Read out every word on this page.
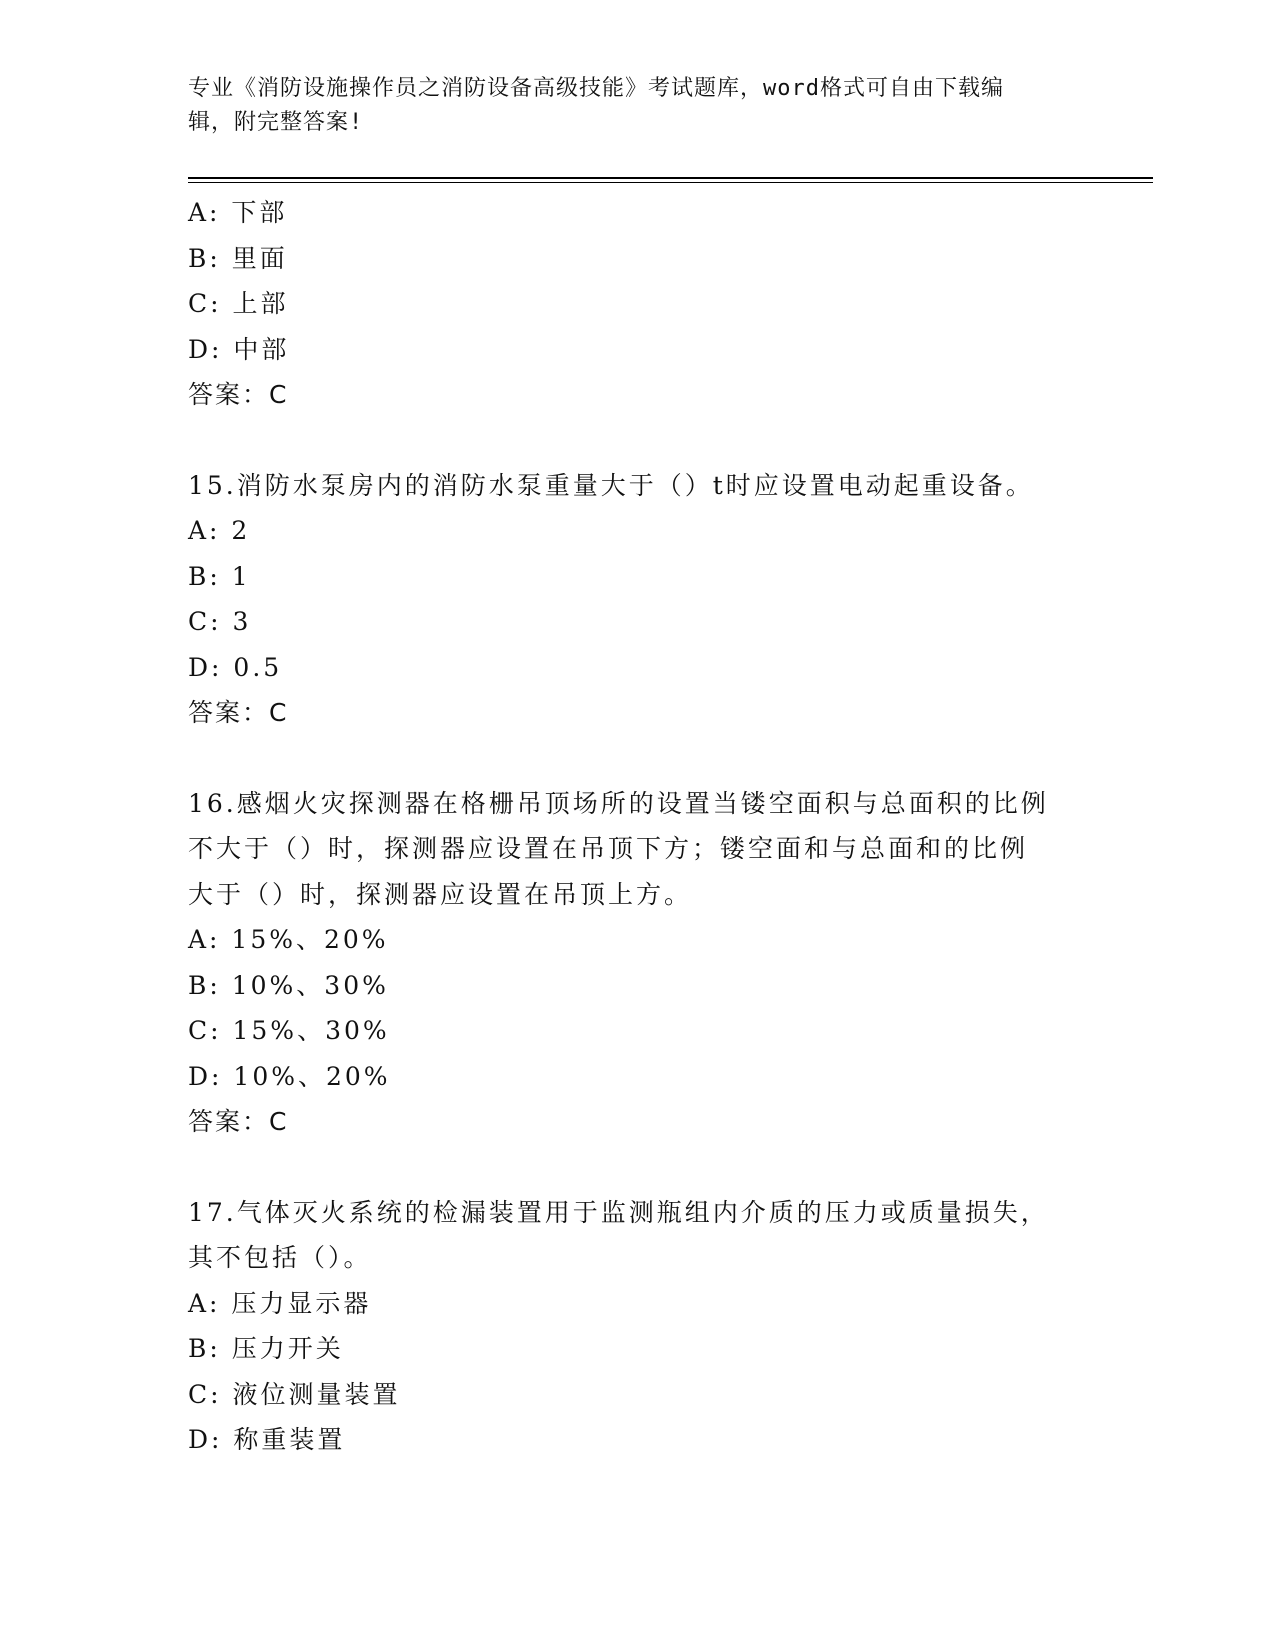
专业《消防设施操作员之消防设备高级技能》考试题库，word格式可自由下载编
辑，附完整答案!
A: 下部
B: 里面
C: 上部
D: 中部
答案：C
15.消防水泵房内的消防水泵重量大于（）t时应设置电动起重设备。
A: 2
B: 1
C: 3
D: 0.5
答案：C
16.感烟火灾探测器在格栅吊顶场所的设置当镂空面积与总面积的比例
不大于（）时，探测器应设置在吊顶下方；镂空面和与总面和的比例
大于（）时，探测器应设置在吊顶上方。
A: 15%、20%
B: 10%、30%
C: 15%、30%
D: 10%、20%
答案：C
17.气体灭火系统的检漏装置用于监测瓶组内介质的压力或质量损失，
其不包括（）。
A: 压力显示器
B: 压力开关
C: 液位测量装置
D: 称重装置
